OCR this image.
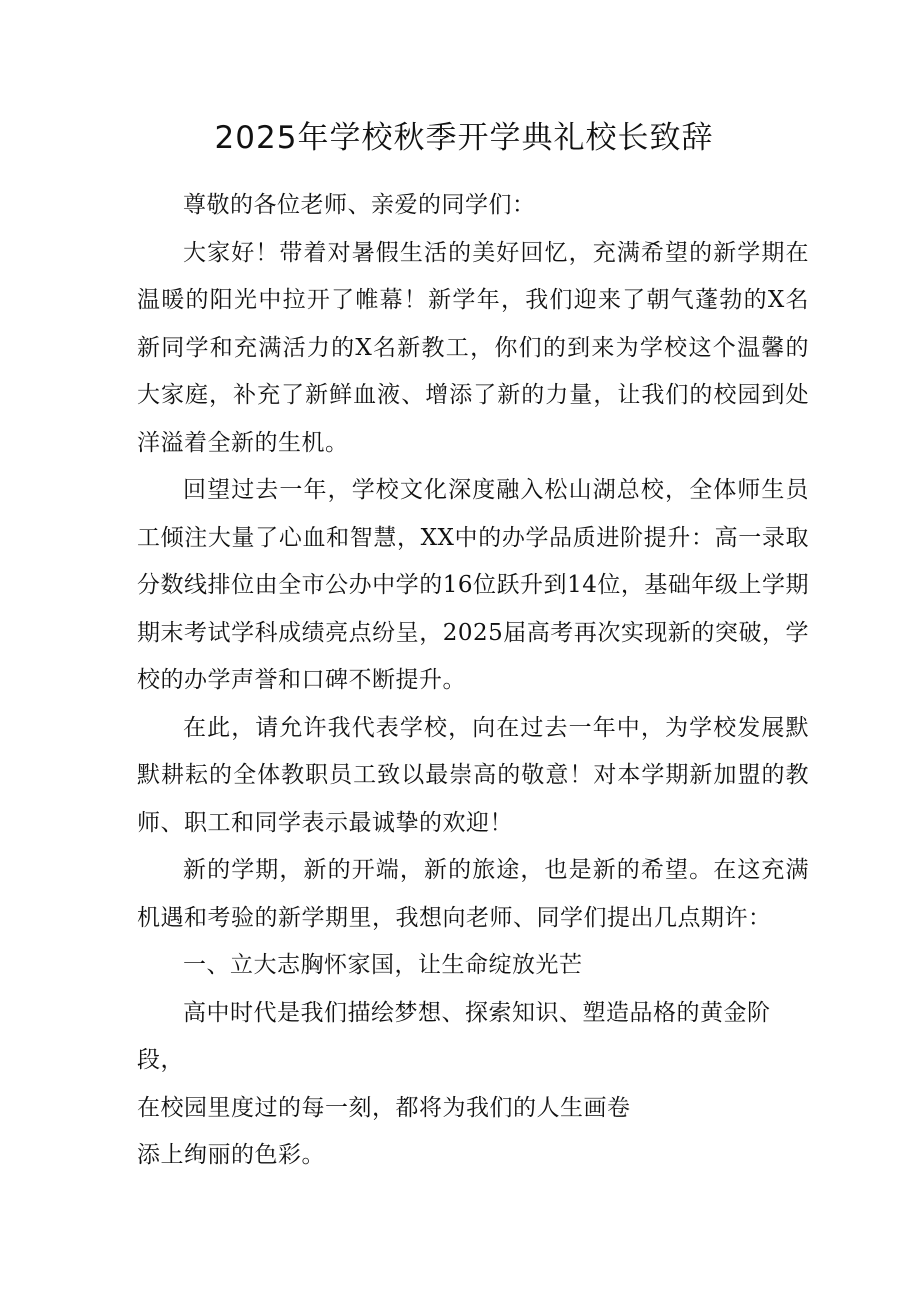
2025年学校秋季开学典礼校长致辞

尊敬的各位老师、亲爱的同学们：

大家好！带着对暑假生活的美好回忆，充满希望的新学期在温暖的阳光中拉开了帷幕！新学年，我们迎来了朝气蓬勃的X名新同学和充满活力的X名新教工，你们的到来为学校这个温馨的大家庭，补充了新鲜血液、增添了新的力量，让我们的校园到处洋溢着全新的生机。

回望过去一年，学校文化深度融入松山湖总校，全体师生员工倾注大量了心血和智慧，XX中的办学品质进阶提升：高一录取分数线排位由全市公办中学的16位跃升到14位，基础年级上学期期末考试学科成绩亮点纷呈，2025届高考再次实现新的突破，学校的办学声誉和口碑不断提升。

在此，请允许我代表学校，向在过去一年中，为学校发展默默耕耘的全体教职员工致以最崇高的敬意！对本学期新加盟的教师、职工和同学表示最诚挚的欢迎！

新的学期，新的开端，新的旅途，也是新的希望。在这充满机遇和考验的新学期里，我想向老师、同学们提出几点期许：

一、立大志胸怀家国，让生命绽放光芒

高中时代是我们描绘梦想、探索知识、塑造品格的黄金阶段，

在校园里度过的每一刻，都将为我们的人生画卷
添上绚丽的色彩。
